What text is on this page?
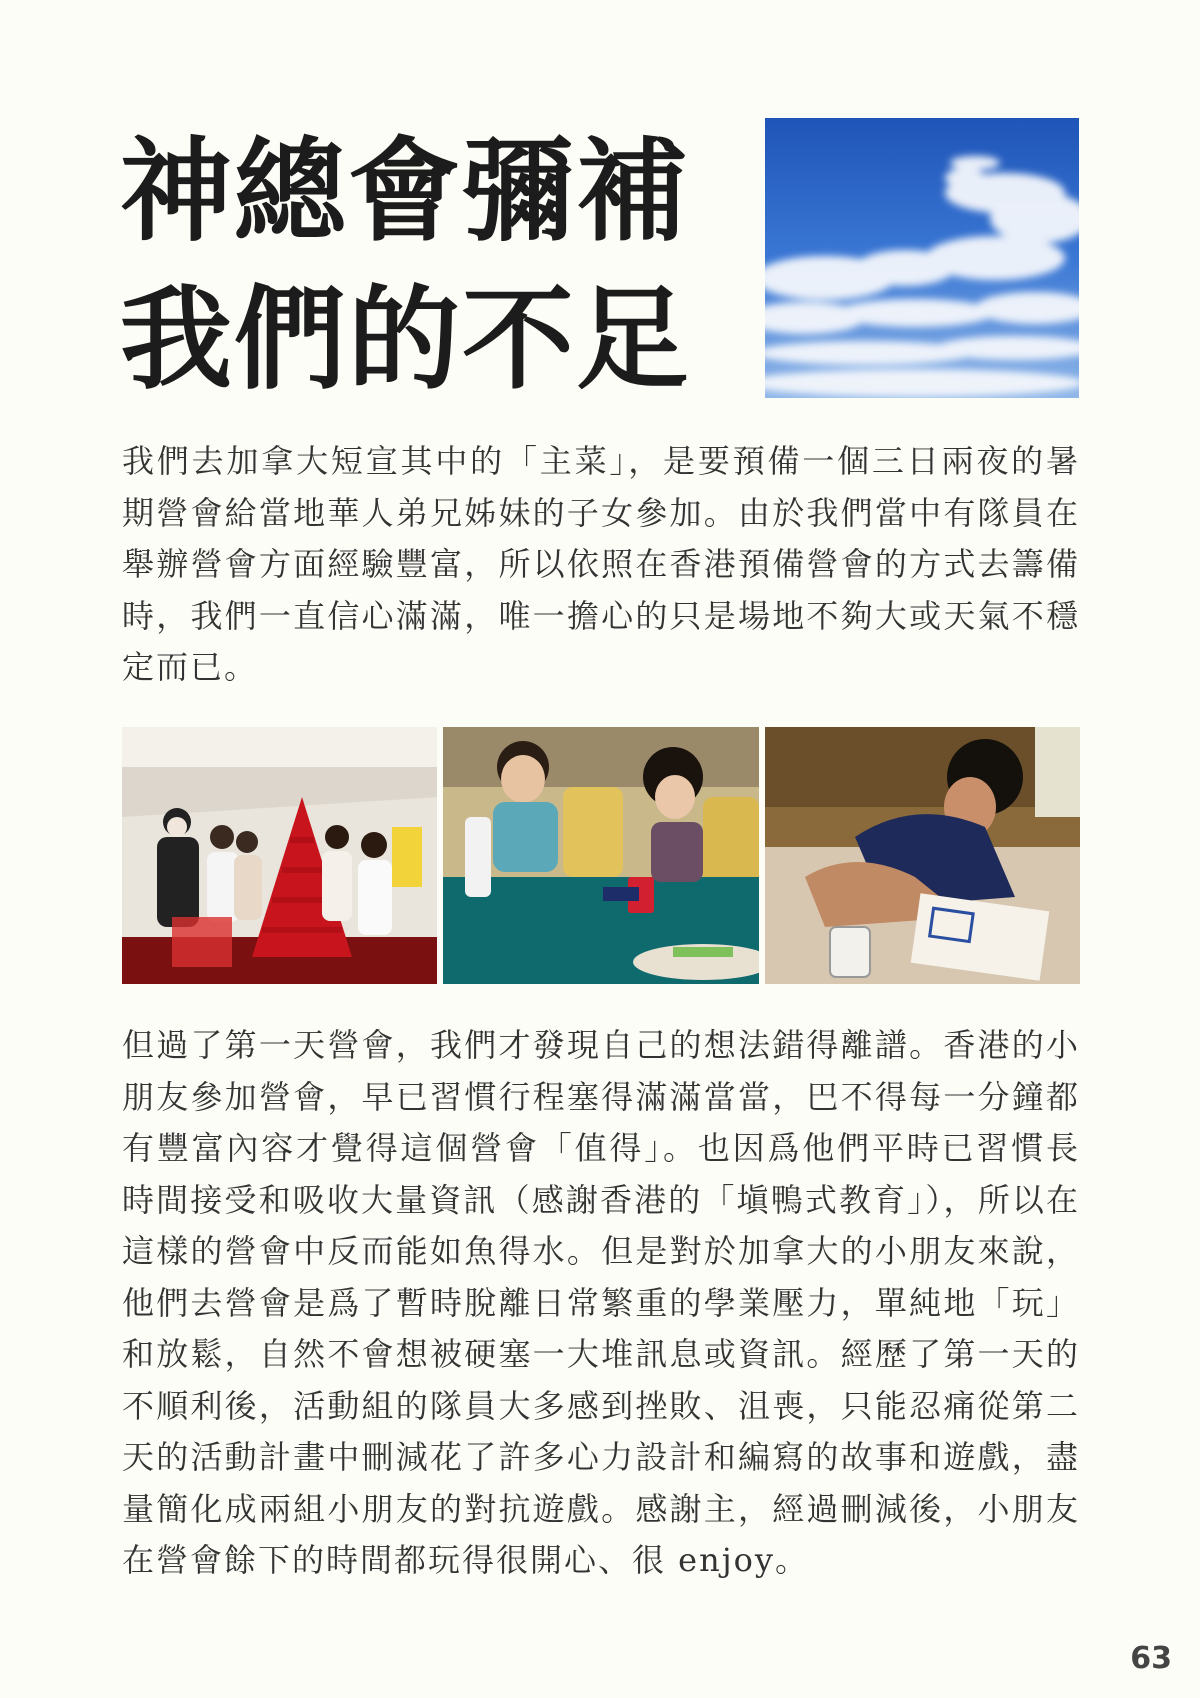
神總會彌補
我們的不足

我們去加拿大短宣其中的「主菜」，是要預備一個三日兩夜的暑期營會給當地華人弟兄姊妹的子女參加。由於我們當中有隊員在舉辦營會方面經驗豐富，所以依照在香港預備營會的方式去籌備時，我們一直信心滿滿，唯一擔心的只是場地不夠大或天氣不穩定而已。

但過了第一天營會，我們才發現自己的想法錯得離譜。香港的小朋友參加營會，早已習慣行程塞得滿滿當當，巴不得每一分鐘都有豐富內容才覺得這個營會「值得」。也因爲他們平時已習慣長時間接受和吸收大量資訊（感謝香港的「塡鴨式教育」），所以在這樣的營會中反而能如魚得水。但是對於加拿大的小朋友來說，他們去營會是爲了暫時脫離日常繁重的學業壓力，單純地「玩」和放鬆，自然不會想被硬塞一大堆訊息或資訊。經歷了第一天的不順利後，活動組的隊員大多感到挫敗、沮喪，只能忍痛從第二天的活動計畫中刪減花了許多心力設計和編寫的故事和遊戲，盡量簡化成兩組小朋友的對抗遊戲。感謝主，經過刪減後，小朋友在營會餘下的時間都玩得很開心、很 enjoy。

63
